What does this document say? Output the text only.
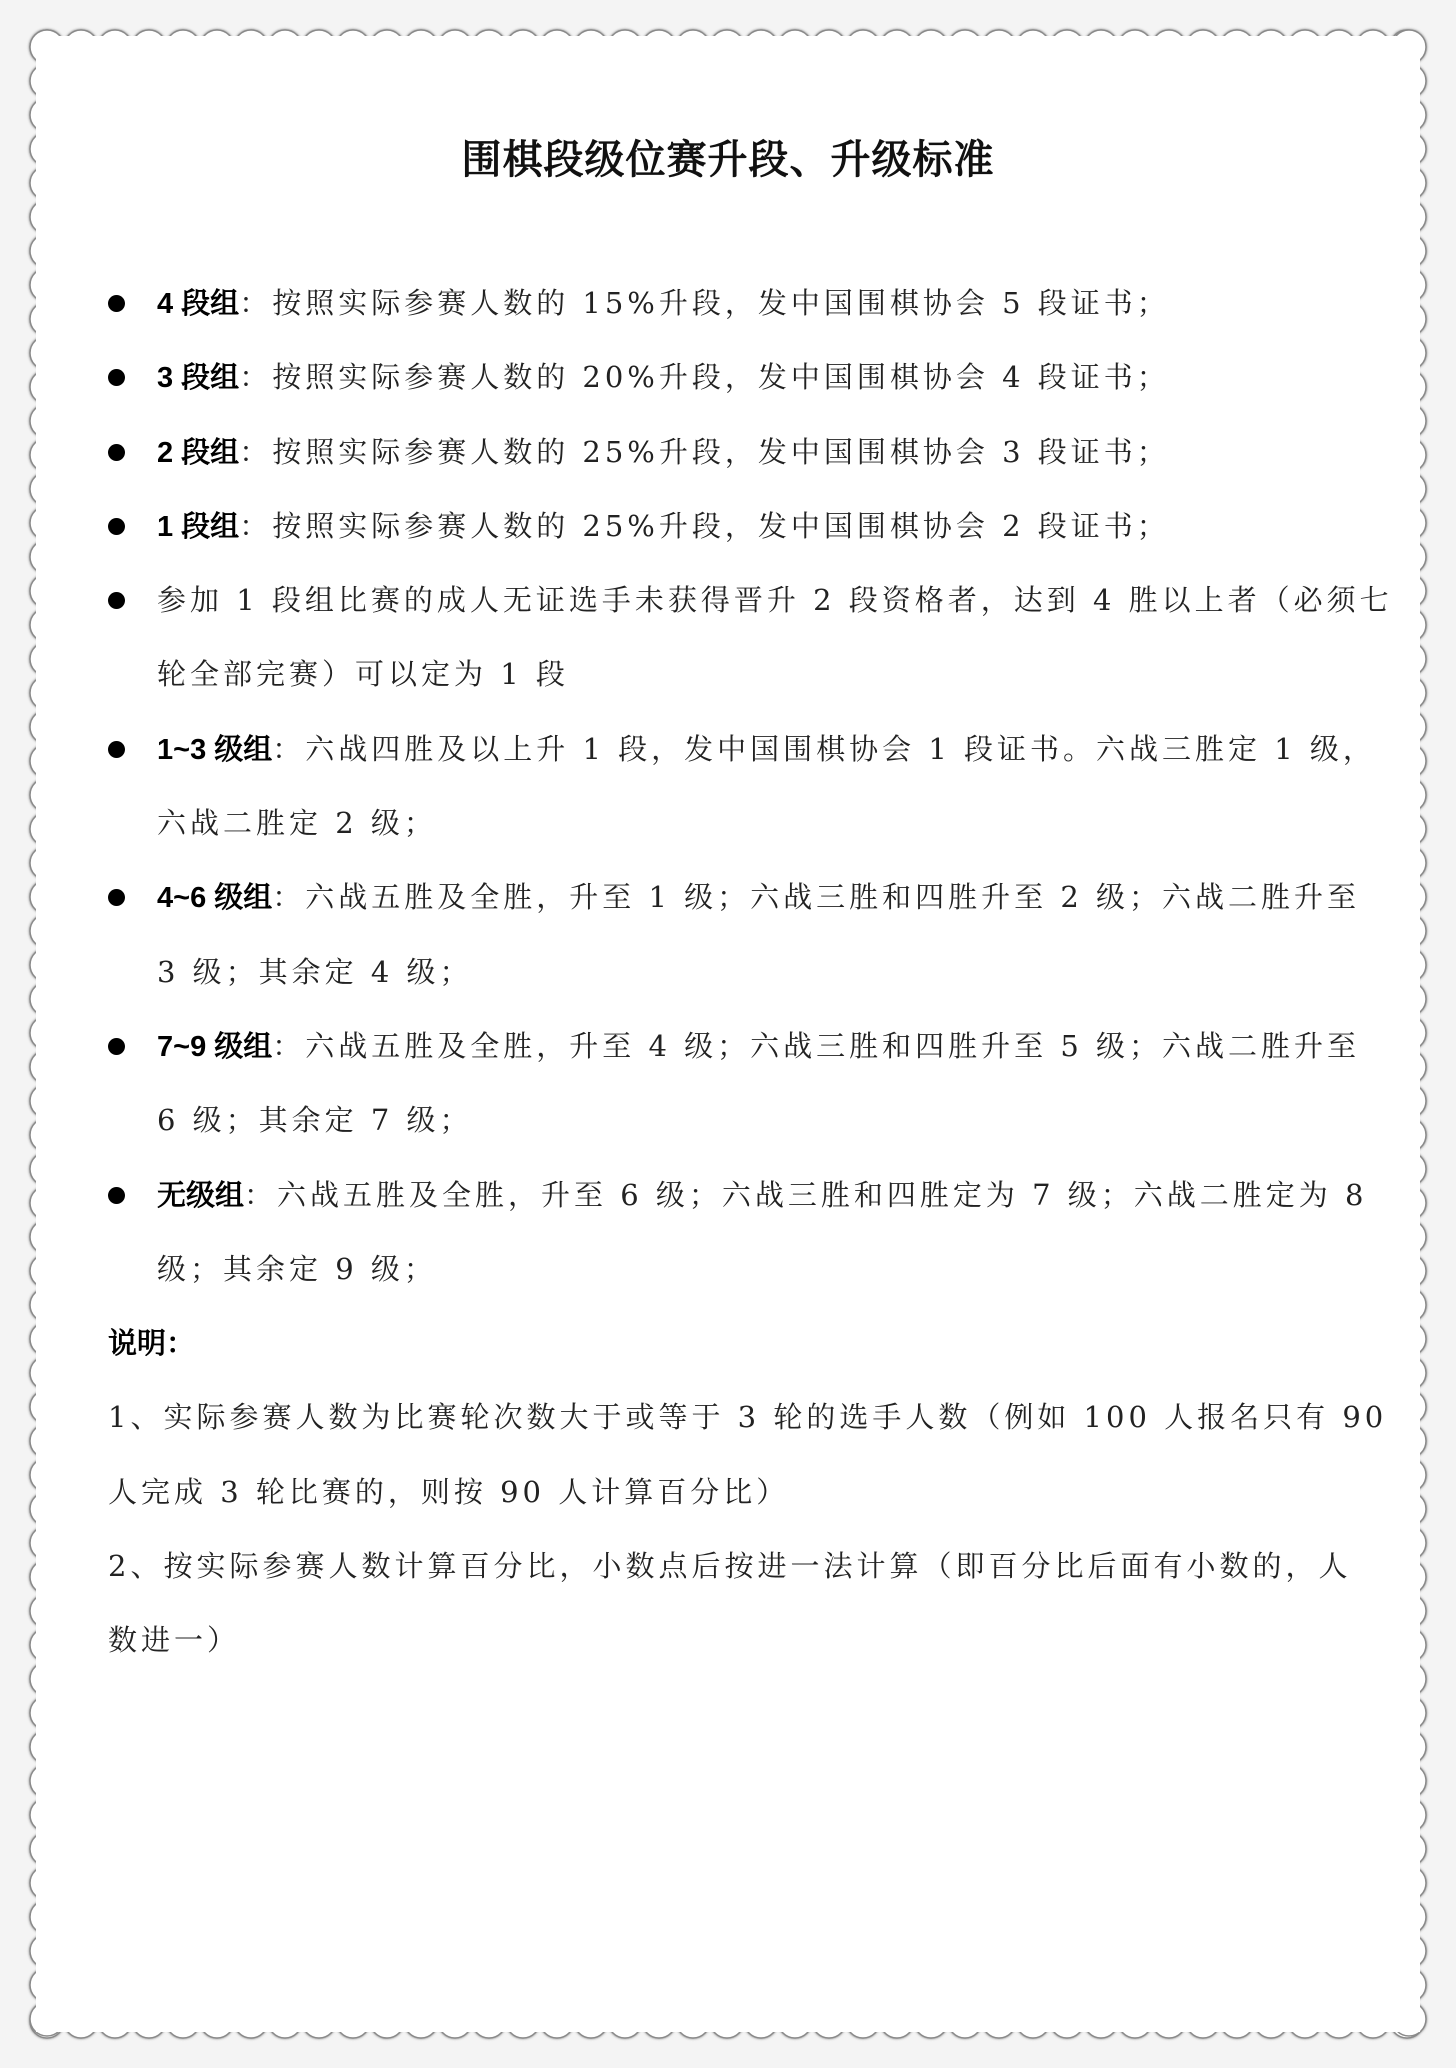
围棋段级位赛升段、升级标准
4 段组：按照实际参赛人数的 15%升段，发中国围棋协会 5 段证书；
3 段组：按照实际参赛人数的 20%升段，发中国围棋协会 4 段证书；
2 段组：按照实际参赛人数的 25%升段，发中国围棋协会 3 段证书；
1 段组：按照实际参赛人数的 25%升段，发中国围棋协会 2 段证书；
参加 1 段组比赛的成人无证选手未获得晋升 2 段资格者，达到 4 胜以上者（必须七
轮全部完赛）可以定为 1 段
1~3 级组：六战四胜及以上升 1 段，发中国围棋协会 1 段证书。六战三胜定 1 级，
六战二胜定 2 级；
4~6 级组：六战五胜及全胜，升至 1 级；六战三胜和四胜升至 2 级；六战二胜升至
3 级；其余定 4 级；
7~9 级组：六战五胜及全胜，升至 4 级；六战三胜和四胜升至 5 级；六战二胜升至
6 级；其余定 7 级；
无级组：六战五胜及全胜，升至 6 级；六战三胜和四胜定为 7 级；六战二胜定为 8
级；其余定 9 级；
说明：
1、实际参赛人数为比赛轮次数大于或等于 3 轮的选手人数（例如 100 人报名只有 90
人完成 3 轮比赛的，则按 90 人计算百分比）
2、按实际参赛人数计算百分比，小数点后按进一法计算（即百分比后面有小数的，人
数进一）
